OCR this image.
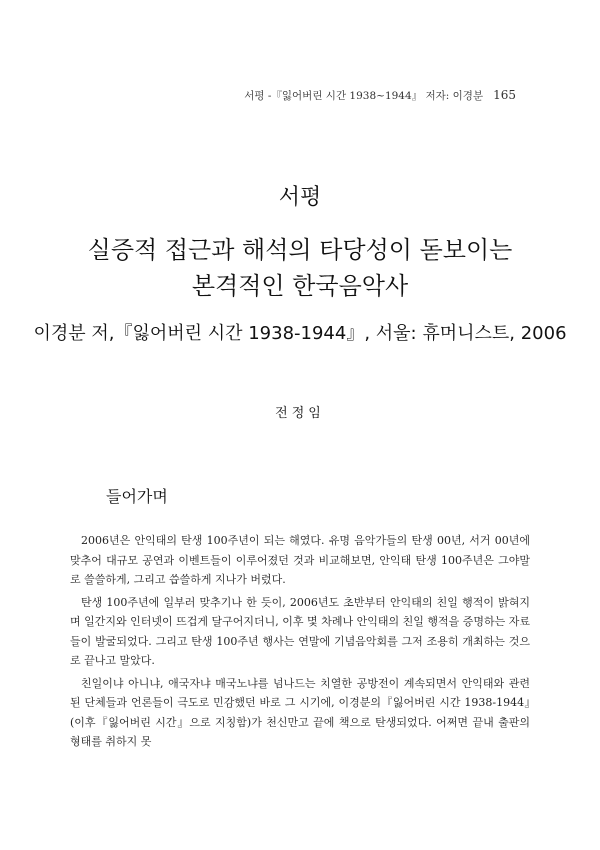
서평 -『잃어버린 시간 1938~1944』 저자: 이경분 165
서평
실증적 접근과 해석의 타당성이 돋보이는
본격적인 한국음악사
이경분 저,『잃어버린 시간 1938-1944』, 서울: 휴머니스트, 2006
전정임
들어가며

2006년은 안익태의 탄생 100주년이 되는 해였다. 유명 음악가들의 탄생 00년, 서거 00년에 맞추어 대규모 공연과 이벤트들이 이루어졌던 것과 비교해보면, 안익태 탄생 100주년은 그야말로 쓸쓸하게, 그리고 씁쓸하게 지나가 버렸다.

탄생 100주년에 일부러 맞추기나 한 듯이, 2006년도 초반부터 안익태의 친일 행적이 밝혀지며 일간지와 인터넷이 뜨겁게 달구어지더니, 이후 몇 차례나 안익태의 친일 행적을 증명하는 자료들이 발굴되었다. 그리고 탄생 100주년 행사는 연말에 기념음악회를 그저 조용히 개최하는 것으로 끝나고 말았다.

친일이냐 아니냐, 애국자냐 매국노냐를 넘나드는 치열한 공방전이 계속되면서 안익태와 관련된 단체들과 언론들이 극도로 민감했던 바로 그 시기에, 이경분의『잃어버린 시간 1938-1944』(이후『잃어버린 시간』으로 지칭함)가 천신만고 끝에 책으로 탄생되었다. 어쩌면 끝내 출판의 형태를 취하지 못
